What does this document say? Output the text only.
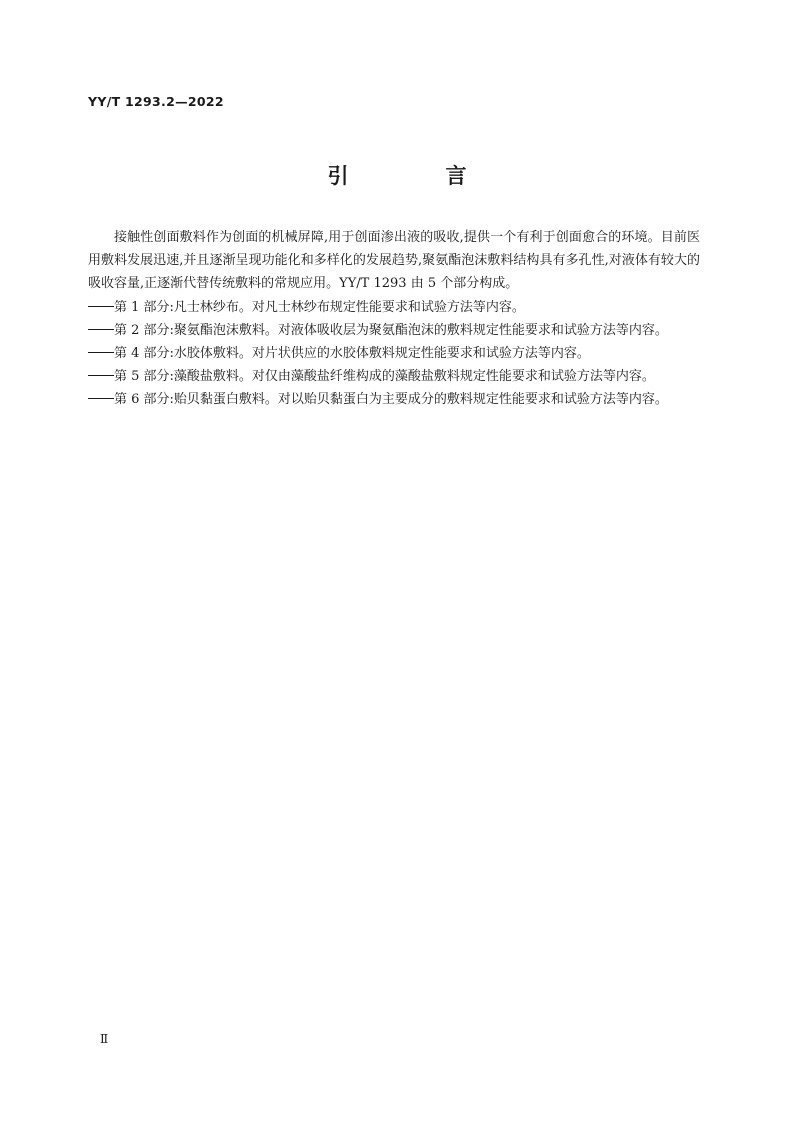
YY/T 1293.2—2022
引　言

接触性创面敷料作为创面的机械屏障,用于创面渗出液的吸收,提供一个有利于创面愈合的环境。目前医用敷料发展迅速,并且逐渐呈现功能化和多样化的发展趋势,聚氨酯泡沫敷料结构具有多孔性,对液体有较大的吸收容量,正逐渐代替传统敷料的常规应用。YY/T 1293 由 5 个部分构成。

第 1 部分:凡士林纱布。对凡士林纱布规定性能要求和试验方法等内容。
第 2 部分:聚氨酯泡沫敷料。对液体吸收层为聚氨酯泡沫的敷料规定性能要求和试验方法等内容。
第 4 部分:水胶体敷料。对片状供应的水胶体敷料规定性能要求和试验方法等内容。
第 5 部分:藻酸盐敷料。对仅由藻酸盐纤维构成的藻酸盐敷料规定性能要求和试验方法等内容。
第 6 部分:贻贝黏蛋白敷料。对以贻贝黏蛋白为主要成分的敷料规定性能要求和试验方法等内容。
Ⅱ
